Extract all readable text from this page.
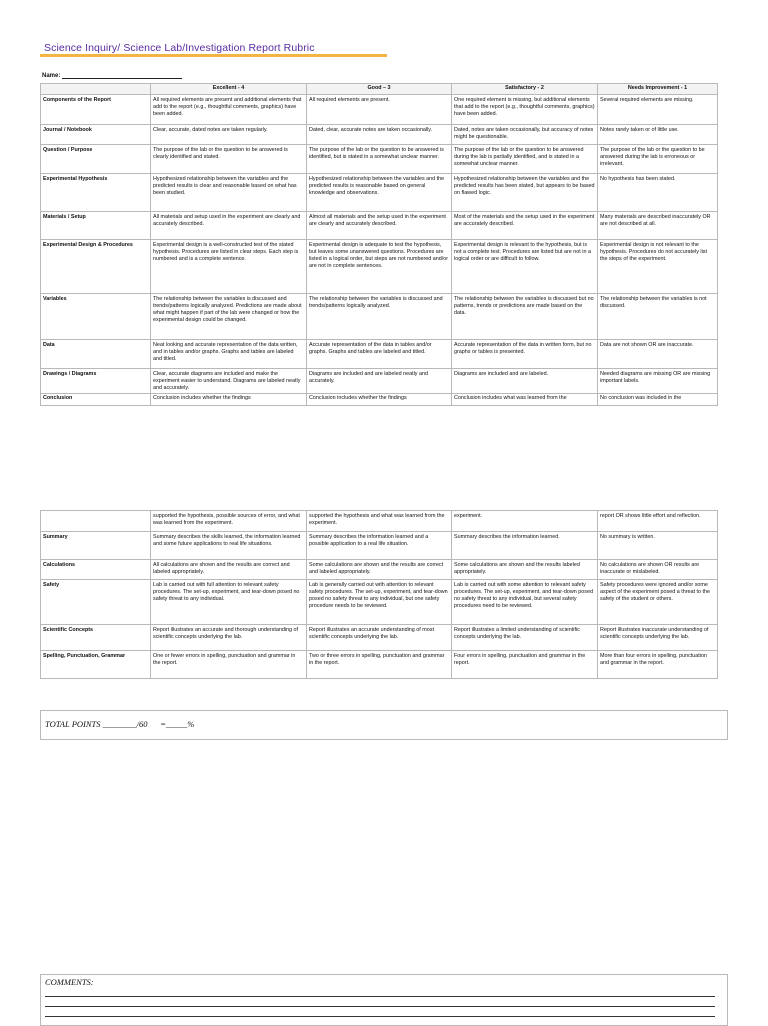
Science Inquiry/ Science Lab/Investigation Report Rubric
Name:
	Excellent - 4	Good – 3	Satisfactory - 2	Needs Improvement - 1
Components of the Report	All required elements are present and additional elements that add to the report (e.g., thoughtful comments, graphics) have been added.	All required elements are present.	One required element is missing, but additional elements that add to the report (e.g., thoughtful comments, graphics) have been added.	Several required elements are missing.
Journal / Notebook	Clear, accurate, dated notes are taken regularly.	Dated, clear, accurate notes are taken occasionally.	Dated, notes are taken occasionally, but accuracy of notes might be questionable.	Notes rarely taken or of little use.
Question / Purpose	The purpose of the lab or the question to be answered is clearly identified and stated.	The purpose of the lab or the question to be answered is identified, but is stated in a somewhat unclear manner.	The purpose of the lab or the question to be answered during the lab is partially identified, and is stated in a somewhat unclear manner.	The purpose of the lab or the question to be answered during the lab is erroneous or irrelevant.
Experimental Hypothesis	Hypothesized relationship between the variables and the predicted results is clear and reasonable based on what has been studied.	Hypothesized relationship between the variables and the predicted results is reasonable based on general knowledge and observations.	Hypothesized relationship between the variables and the predicted results has been stated, but appears to be based on flawed logic.	No hypothesis has been stated.
Materials / Setup	All materials and setup used in the experiment are clearly and accurately described.	Almost all materials and the setup used in the experiment are clearly and accurately described.	Most of the materials and the setup used in the experiment are accurately described.	Many materials are described inaccurately OR are not described at all.
Experimental Design & Procedures	Experimental design is a well-constructed test of the stated hypothesis. Procedures are listed in clear steps. Each step is numbered and is a complete sentence.	Experimental design is adequate to test the hypothesis, but leaves some unanswered questions. Procedures are listed in a logical order, but steps are not numbered and/or are not in complete sentences.	Experimental design is relevant to the hypothesis, but is not a complete test. Procedures are listed but are not in a logical order or are difficult to follow.	Experimental design is not relevant to the hypothesis. Procedures do not accurately list the steps of the experiment.
Variables	The relationship between the variables is discussed and trends/patterns logically analyzed. Predictions are made about what might happen if part of the lab were changed or how the experimental design could be changed.	The relationship between the variables is discussed and trends/patterns logically analyzed.	The relationship between the variables is discussed but no patterns, trends or predictions are made based on the data.	The relationship between the variables is not discussed.
Data	Neat looking and accurate representation of the data written, and in tables and/or graphs. Graphs and tables are labeled and titled.	Accurate representation of the data in tables and/or graphs. Graphs and tables are labeled and titled.	Accurate representation of the data in written form, but no graphs or tables is presented.	Data are not shown OR are inaccurate.
Drawings / Diagrams	Clear, accurate diagrams are included and make the experiment easier to understand. Diagrams are labeled neatly and accurately.	Diagrams are included and are labeled neatly and accurately.	Diagrams are included and are labeled.	Needed diagrams are missing OR are missing important labels.
Conclusion	Conclusion includes whether the findings	Conclusion includes whether the findings	Conclusion includes what was learned from the	No conclusion was included in the
	supported the hypothesis, possible sources of error, and what was learned from the experiment.	supported the hypothesis and what was learned from the experiment.	experiment.	report OR shows little effort and reflection.
Summary	Summary describes the skills learned, the information learned and some future applications to real life situations.	Summary describes the information learned and a possible application to a real life situation.	Summary describes the information learned.	No summary is written.
Calculations	All calculations are shown and the results are correct and labeled appropriately.	Some calculations are shown and the results are correct and labeled appropriately.	Some calculations are shown and the results labeled appropriately.	No calculations are shown OR results are inaccurate or mislabeled.
Safety	Lab is carried out with full attention to relevant safety procedures. The set-up, experiment, and tear-down posed no safety threat to any individual.	Lab is generally carried out with attention to relevant safety procedures. The set-up, experiment, and tear-down posed no safety threat to any individual, but one safety procedure needs to be reviewed.	Lab is carried out with some attention to relevant safety procedures. The set-up, experiment, and tear-down posed no safety threat to any individual, but several safety procedures need to be reviewed.	Safety procedures were ignored and/or some aspect of the experiment posed a threat to the safety of the student or others.
Scientific Concepts	Report illustrates an accurate and thorough understanding of scientific concepts underlying the lab.	Report illustrates an accurate understanding of most scientific concepts underlying the lab.	Report illustrates a limited understanding of scientific concepts underlying the lab.	Report illustrates inaccurate understanding of scientific concepts underlying the lab.
Spelling, Punctuation, Grammar	One or fewer errors in spelling, punctuation and grammar in the report.	Two or three errors in spelling, punctuation and grammar in the report.	Four errors in spelling, punctuation and grammar in the report.	More than four errors in spelling, punctuation and grammar in the report.
TOTAL POINTS ________/60      =_____%
COMMENTS:
